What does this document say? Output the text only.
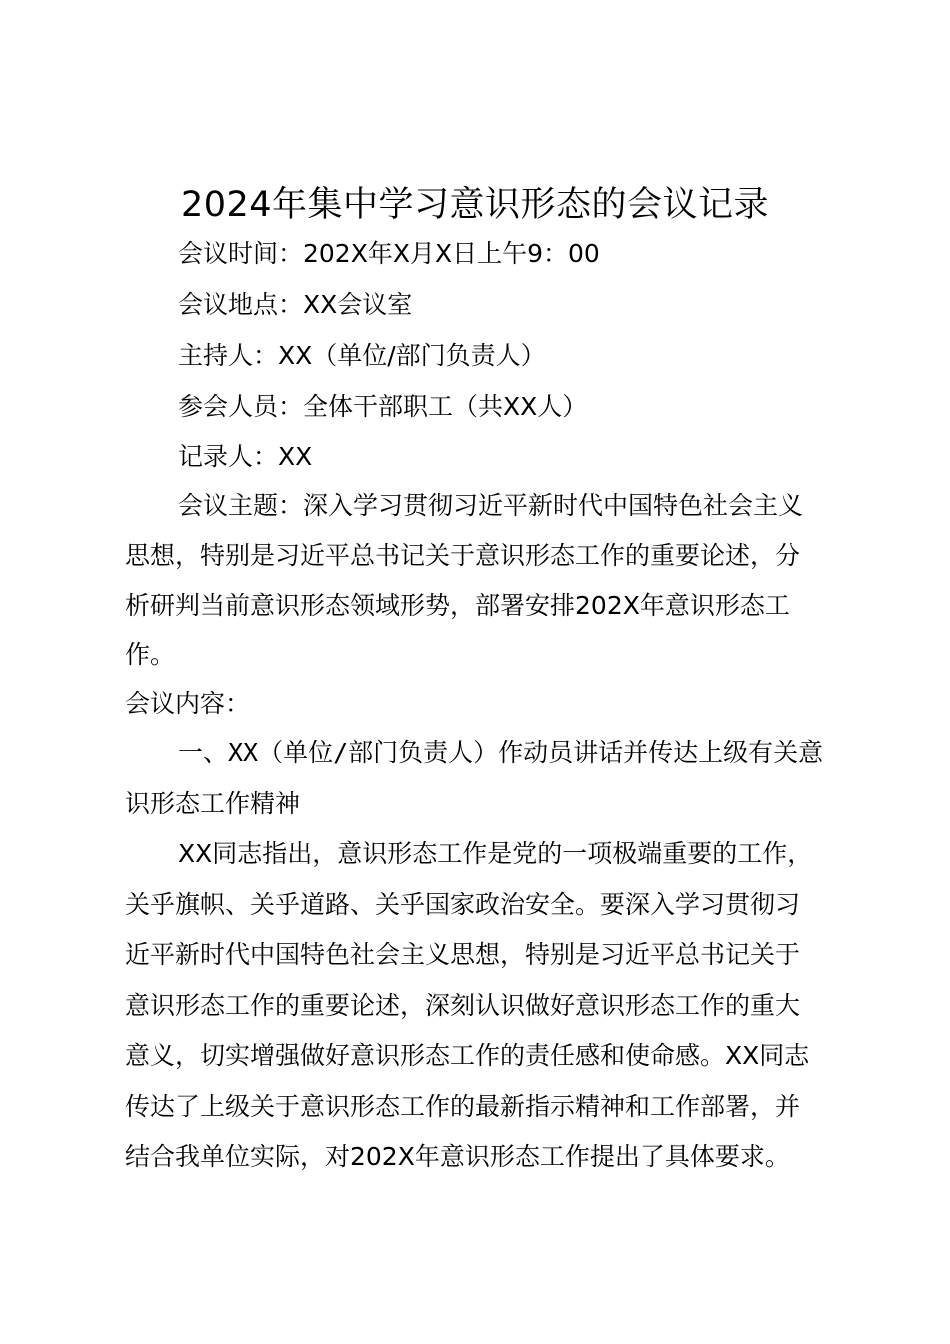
2024年集中学习意识形态的会议记录
会议时间：202X年X月X日上午9：00
会议地点：XX会议室
主持人：XX（单位/部门负责人）
参会人员：全体干部职工（共XX人）
记录人：XX
会议主题：深入学习贯彻习近平新时代中国特色社会主义
思想，特别是习近平总书记关于意识形态工作的重要论述，分
析研判当前意识形态领域形势，部署安排202X年意识形态工
作。
会议内容：
一、XX（单位/部门负责人）作动员讲话并传达上级有关意
识形态工作精神
XX同志指出，意识形态工作是党的一项极端重要的工作，
关乎旗帜、关乎道路、关乎国家政治安全。要深入学习贯彻习
近平新时代中国特色社会主义思想，特别是习近平总书记关于
意识形态工作的重要论述，深刻认识做好意识形态工作的重大
意义，切实增强做好意识形态工作的责任感和使命感。XX同志
传达了上级关于意识形态工作的最新指示精神和工作部署，并
结合我单位实际，对202X年意识形态工作提出了具体要求。
